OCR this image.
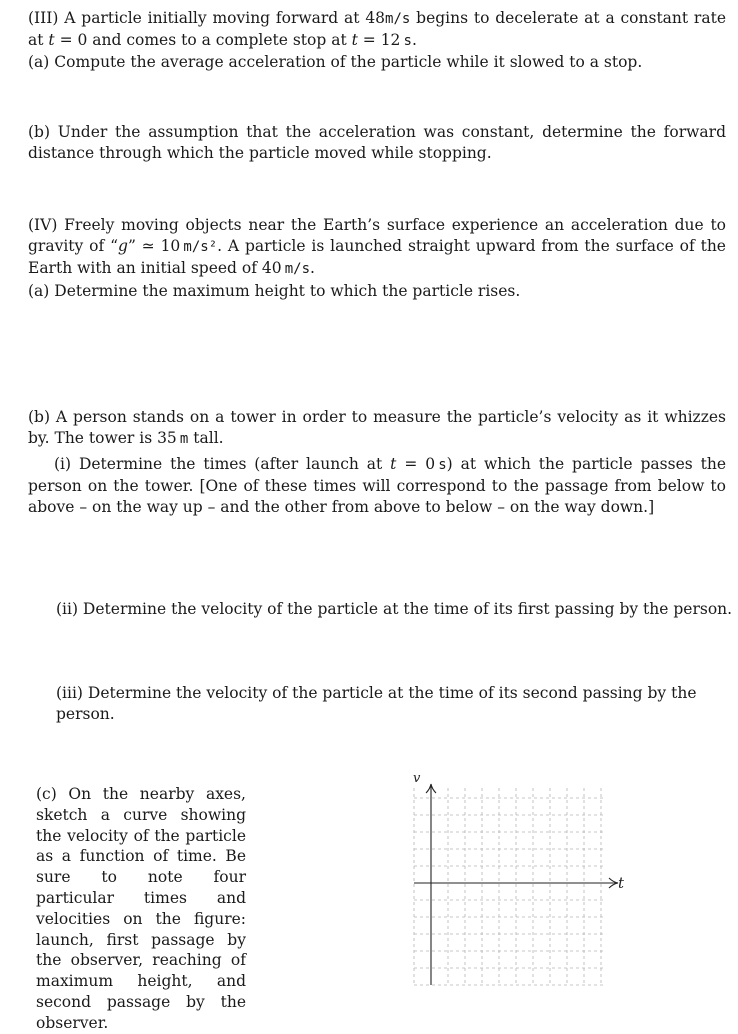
(III) A particle initially moving forward at 48m/s begins to decelerate at a constant rate at t = 0 and comes to a complete stop at t = 12  s.
(a) Compute the average acceleration of the particle while it slowed to a stop.

(b) Under the assumption that the acceleration was constant, determine the forward distance through which the particle moved while stopping.

(IV) Freely moving objects near the Earth’s surface experience an acceleration due to gravity of “g” ≃ 10  m/s². A particle is launched straight upward from the surface of the Earth with an initial speed of 40  m/s.

(a) Determine the maximum height to which the particle rises.

(b) A person stands on a tower in order to measure the particle’s velocity as it whizzes by. The tower is 35  m tall.

(i) Determine the times (after launch at t = 0  s) at which the particle passes the person on the tower. [One of these times will correspond to the passage from below to above – on the way up – and the other from above to below – on the way down.]

(ii) Determine the velocity of the particle at the time of its first passing by the person.

(iii) Determine the velocity of the particle at the time of its second passing by the person.

(c) On the nearby axes, sketch a curve showing the velocity of the particle as a function of time. Be sure to note four particular times and velocities on the figure: launch, first passage by the observer, reaching of maximum height, and second passage by the observer.

v
t
